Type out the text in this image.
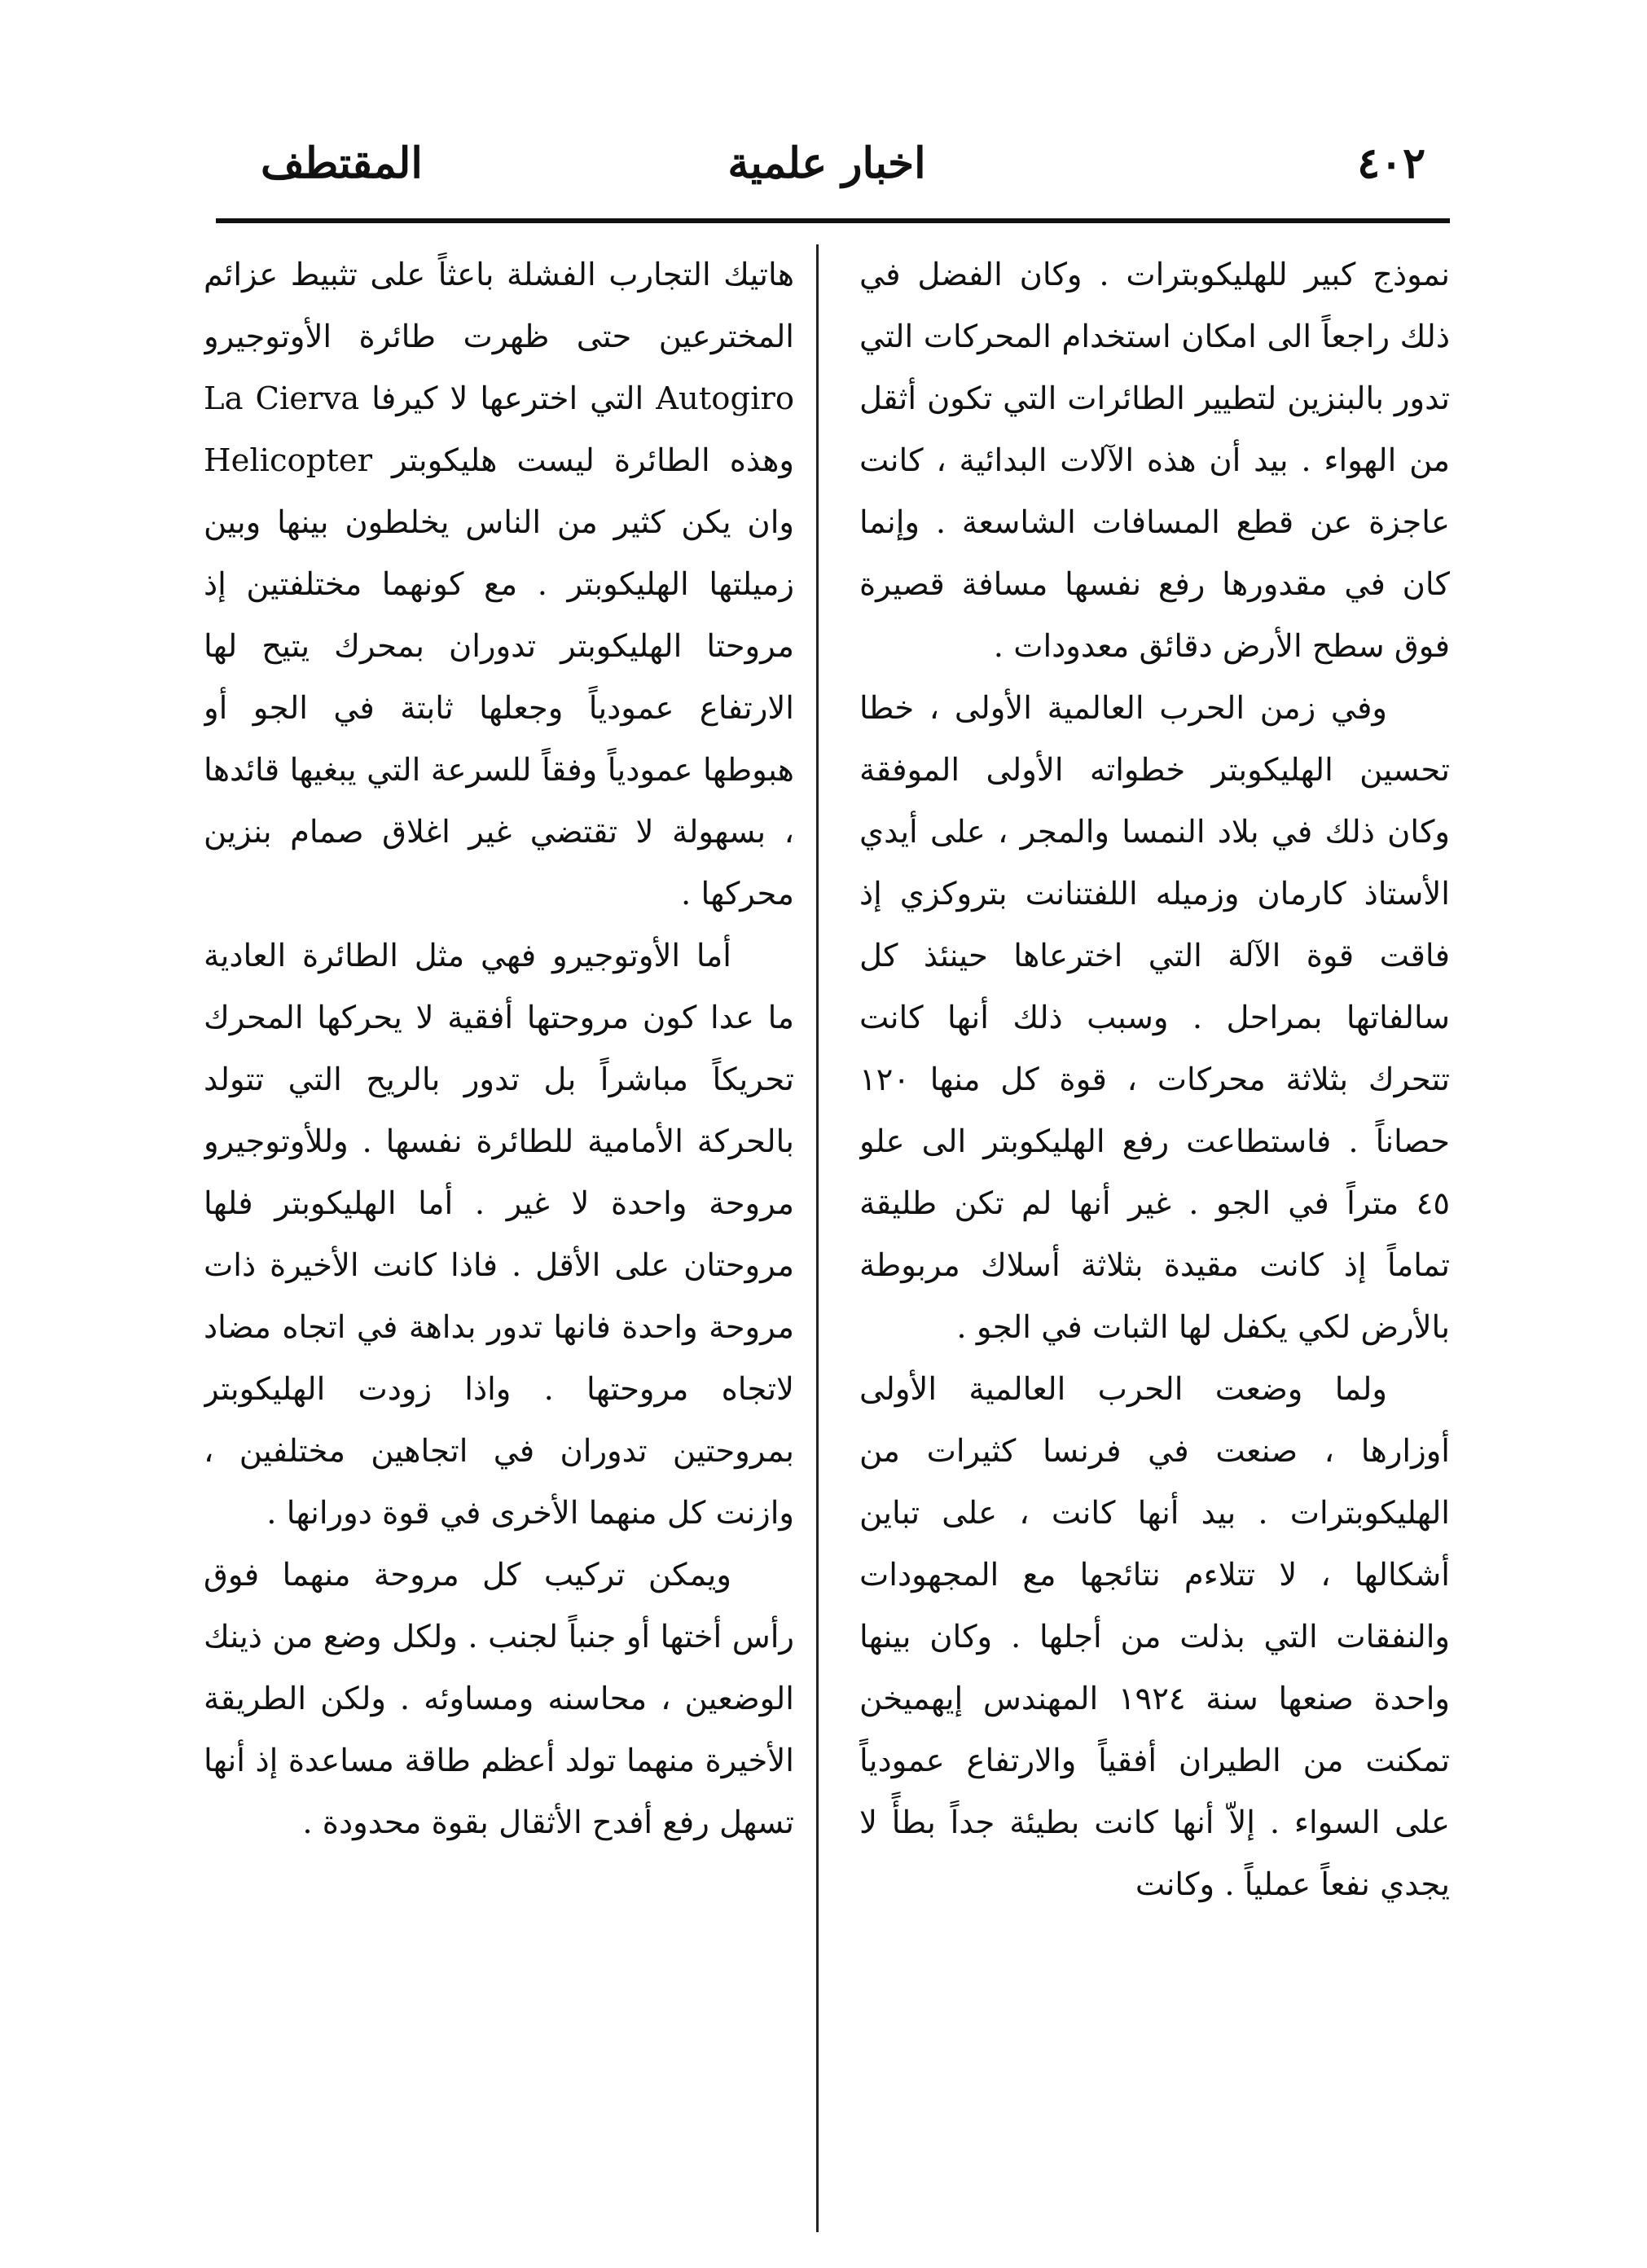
المقتطف	اخبار علمية	٤٠٢

نموذج كبير للهليكوبترات . وكان الفضل في ذلك راجعاً الى امكان استخدام المحركات التي تدور بالبنزين لتطيير الطائرات التي تكون أثقل من الهواء . بيد أن هذه الآلات البدائية ، كانت عاجزة عن قطع المسافات الشاسعة . وإنما كان في مقدورها رفع نفسها مسافة قصيرة فوق سطح الأرض دقائق معدودات .

وفي زمن الحرب العالمية الأولى ، خطا تحسين الهليكوبتر خطواته الأولى الموفقة وكان ذلك في بلاد النمسا والمجر ، على أيدي الأستاذ كارمان وزميله اللفتنانت بتروكزي إذ فاقت قوة الآلة التي اخترعاها حينئذ كل سالفاتها بمراحل . وسبب ذلك أنها كانت تتحرك بثلاثة محركات ، قوة كل منها ١٢٠ حصاناً . فاستطاعت رفع الهليكوبتر الى علو ٤٥ متراً في الجو . غير أنها لم تكن طليقة تماماً إذ كانت مقيدة بثلاثة أسلاك مربوطة بالأرض لكي يكفل لها الثبات في الجو .

ولما وضعت الحرب العالمية الأولى أوزارها ، صنعت في فرنسا كثيرات من الهليكوبترات . بيد أنها كانت ، على تباين أشكالها ، لا تتلاءم نتائجها مع المجهودات والنفقات التي بذلت من أجلها . وكان بينها واحدة صنعها سنة ١٩٢٤ المهندس إيهميخن تمكنت من الطيران أفقياً والارتفاع عمودياً على السواء . إلاّ أنها كانت بطيئة جداً بطأً لا يجدي نفعاً عملياً . وكانت

هاتيك التجارب الفشلة باعثاً على تثبيط عزائم المخترعين حتى ظهرت طائرة الأوتوجيرو Autogiro التي اخترعها لا كيرفا La Cierva وهذه الطائرة ليست هليكوبتر Helicopter وان يكن كثير من الناس يخلطون بينها وبين زميلتها الهليكوبتر . مع كونهما مختلفتين إذ مروحتا الهليكوبتر تدوران بمحرك يتيح لها الارتفاع عمودياً وجعلها ثابتة في الجو أو هبوطها عمودياً وفقاً للسرعة التي يبغيها قائدها ، بسهولة لا تقتضي غير اغلاق صمام بنزين محركها .

أما الأوتوجيرو فهي مثل الطائرة العادية ما عدا كون مروحتها أفقية لا يحركها المحرك تحريكاً مباشراً بل تدور بالريح التي تتولد بالحركة الأمامية للطائرة نفسها . وللأوتوجيرو مروحة واحدة لا غير . أما الهليكوبتر فلها مروحتان على الأقل . فاذا كانت الأخيرة ذات مروحة واحدة فانها تدور بداهة في اتجاه مضاد لاتجاه مروحتها . واذا زودت الهليكوبتر بمروحتين تدوران في اتجاهين مختلفين ، وازنت كل منهما الأخرى في قوة دورانها .

ويمكن تركيب كل مروحة منهما فوق رأس أختها أو جنباً لجنب . ولكل وضع من ذينك الوضعين ، محاسنه ومساوئه . ولكن الطريقة الأخيرة منهما تولد أعظم طاقة مساعدة إذ أنها تسهل رفع أفدح الأثقال بقوة محدودة .
